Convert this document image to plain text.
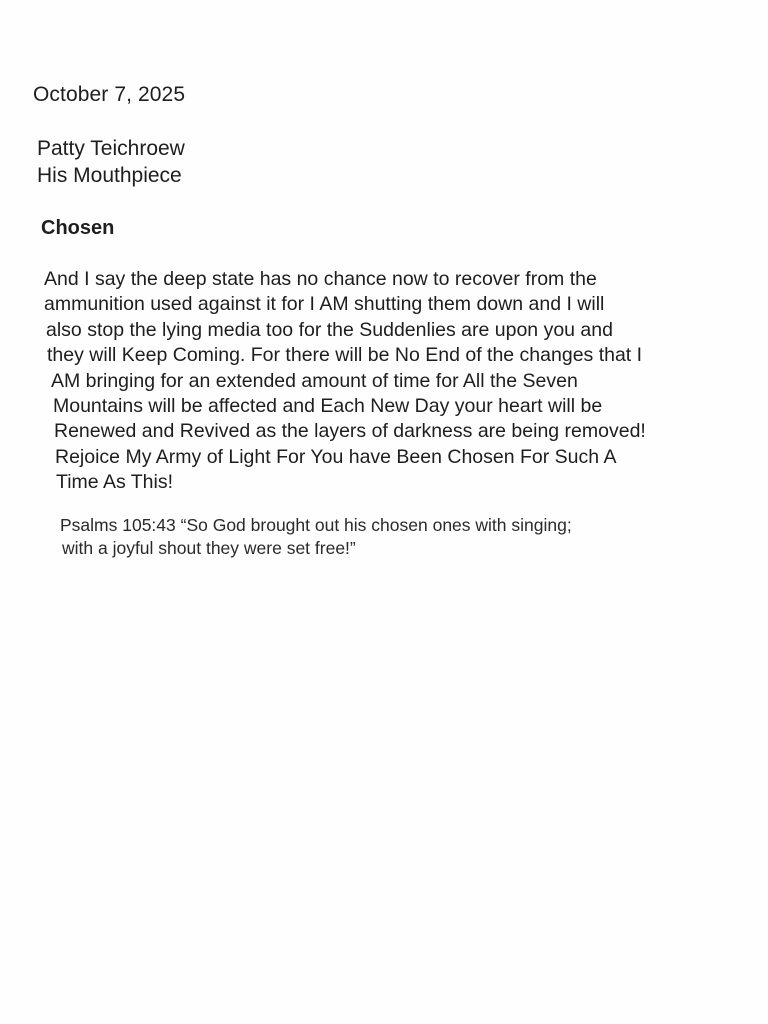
October 7, 2025
Patty Teichroew
His Mouthpiece
Chosen
And I say the deep state has no chance now to recover from the
ammunition used against it for I AM shutting them down and I will
also stop the lying media too for the Suddenlies are upon you and
they will Keep Coming. For there will be No End of the changes that I
AM bringing for an extended amount of time for All the Seven
Mountains will be affected and Each New Day your heart will be
Renewed and Revived as the layers of darkness are being removed!
Rejoice My Army of Light For You have Been Chosen For Such A
Time As This!
Psalms 105:43 “So God brought out his chosen ones with singing;
with a joyful shout they were set free!”
